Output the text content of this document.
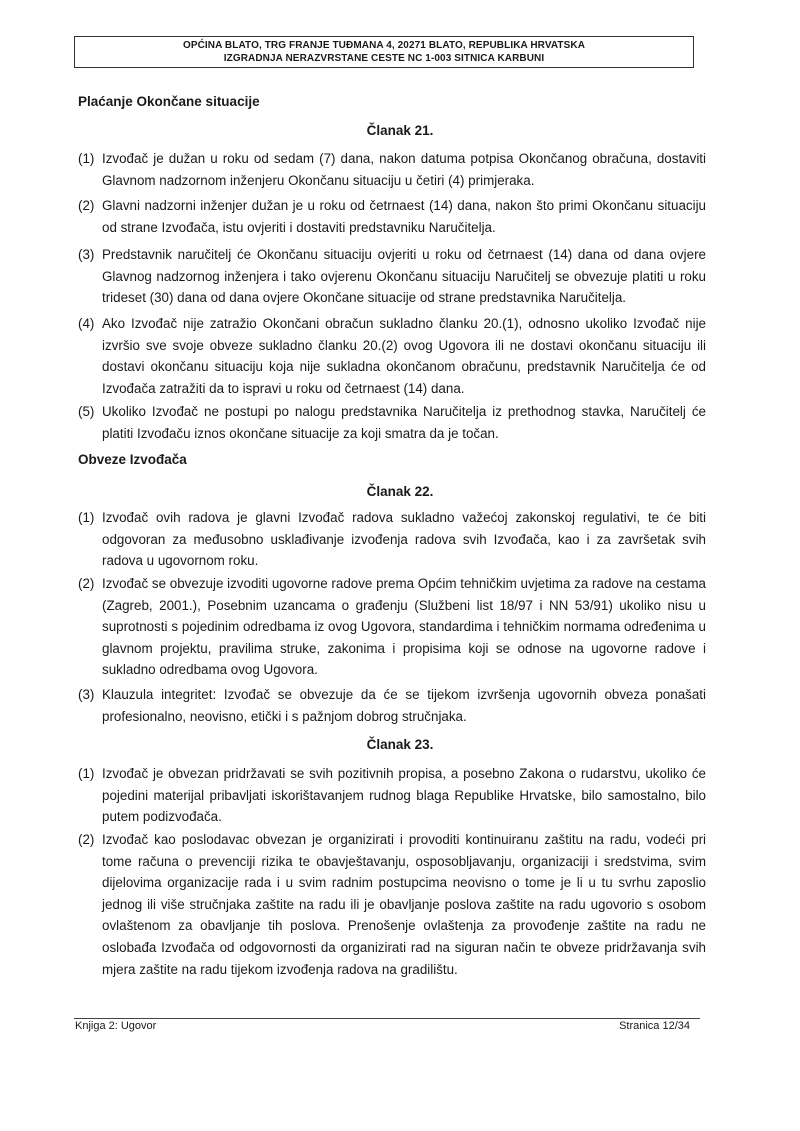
OPĆINA BLATO, TRG FRANJE TUĐMANA 4, 20271 BLATO, REPUBLIKA HRVATSKA
IZGRADNJA NERAZVRSTANE CESTE NC 1-003 SITNICA KARBUNI
Plaćanje Okončane situacije
Članak 21.
(1) Izvođač je dužan u roku od sedam (7) dana, nakon datuma potpisa Okončanog obračuna, dostaviti Glavnom nadzornom inženjeru Okončanu situaciju u četiri (4) primjeraka.
(2) Glavni nadzorni inženjer dužan je u roku od četrnaest (14) dana, nakon što primi Okončanu situaciju od strane Izvođača, istu ovjeriti i dostaviti predstavniku Naručitelja.
(3) Predstavnik naručitelj će Okončanu situaciju ovjeriti u roku od četrnaest (14) dana od dana ovjere Glavnog nadzornog inženjera i tako ovjerenu Okončanu situaciju Naručitelj se obvezuje platiti u roku trideset (30) dana od dana ovjere Okončane situacije od strane predstavnika Naručitelja.
(4) Ako Izvođač nije zatražio Okončani obračun sukladno članku 20.(1), odnosno ukoliko Izvođač nije izvršio sve svoje obveze sukladno članku 20.(2) ovog Ugovora ili ne dostavi okončanu situaciju ili dostavi okončanu situaciju koja nije sukladna okončanom obračunu, predstavnik Naručitelja će od Izvođača zatražiti da to ispravi u roku od četrnaest (14) dana.
(5) Ukoliko Izvođač ne postupi po nalogu predstavnika Naručitelja iz prethodnog stavka, Naručitelj će platiti Izvođaču iznos okončane situacije za koji smatra da je točan.
Obveze Izvođača
Članak 22.
(1) Izvođač ovih radova je glavni Izvođač radova sukladno važećoj zakonskoj regulativi, te će biti odgovoran za međusobno usklađivanje izvođenja radova svih Izvođača, kao i za završetak svih radova u ugovornom roku.
(2) Izvođač se obvezuje izvoditi ugovorne radove prema Općim tehničkim uvjetima za radove na cestama (Zagreb, 2001.), Posebnim uzancama o građenju (Službeni list 18/97 i NN 53/91) ukoliko nisu u suprotnosti s pojedinim odredbama iz ovog Ugovora, standardima i tehničkim normama određenima u glavnom projektu, pravilima struke, zakonima i propisima koji se odnose na ugovorne radove i sukladno odredbama ovog Ugovora.
(3) Klauzula integritet: Izvođač se obvezuje da će se tijekom izvršenja ugovornih obveza ponašati profesionalno, neovisno, etički i s pažnjom dobrog stručnjaka.
Članak 23.
(1) Izvođač je obvezan pridržavati se svih pozitivnih propisa, a posebno Zakona o rudarstvu, ukoliko će pojedini materijal pribavljati iskorištavanjem rudnog blaga Republike Hrvatske, bilo samostalno, bilo putem podizvođača.
(2) Izvođač kao poslodavac obvezan je organizirati i provoditi kontinuiranu zaštitu na radu, vodeći pri tome računa o prevenciji rizika te obavještavanju, osposobljavanju, organizaciji i sredstvima, svim dijelovima organizacije rada i u svim radnim postupcima neovisno o tome je li u tu svrhu zaposlio jednog ili više stručnjaka zaštite na radu ili je obavljanje poslova zaštite na radu ugovorio s osobom ovlaštenom za obavljanje tih poslova. Prenošenje ovlaštenja za provođenje zaštite na radu ne oslobađa Izvođača od odgovornosti da organizirati rad na siguran način te obveze pridržavanja svih mjera zaštite na radu tijekom izvođenja radova na gradilištu.
Knjiga 2: Ugovor	Stranica 12/34
